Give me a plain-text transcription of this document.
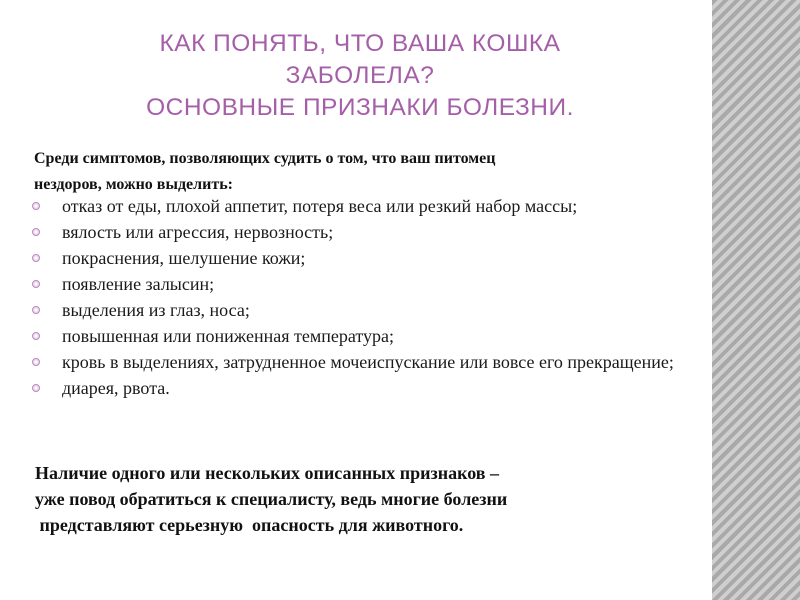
КАК ПОНЯТЬ, ЧТО ВАША КОШКА
ЗАБОЛЕЛА?
ОСНОВНЫЕ ПРИЗНАКИ БОЛЕЗНИ.
Среди симптомов, позволяющих судить о том, что ваш питомец
нездоров, можно выделить:
отказ от еды, плохой аппетит, потеря веса или резкий набор массы;
вялость или агрессия, нервозность;
покраснения, шелушение кожи;
появление залысин;
выделения из глаз, носа;
повышенная или пониженная температура;
кровь в выделениях, затрудненное мочеиспускание или вовсе его прекращение;
диарея, рвота.
Наличие одного или нескольких описанных признаков –
уже повод обратиться к специалисту, ведь многие болезни
представляют серьезную  опасность для животного.
